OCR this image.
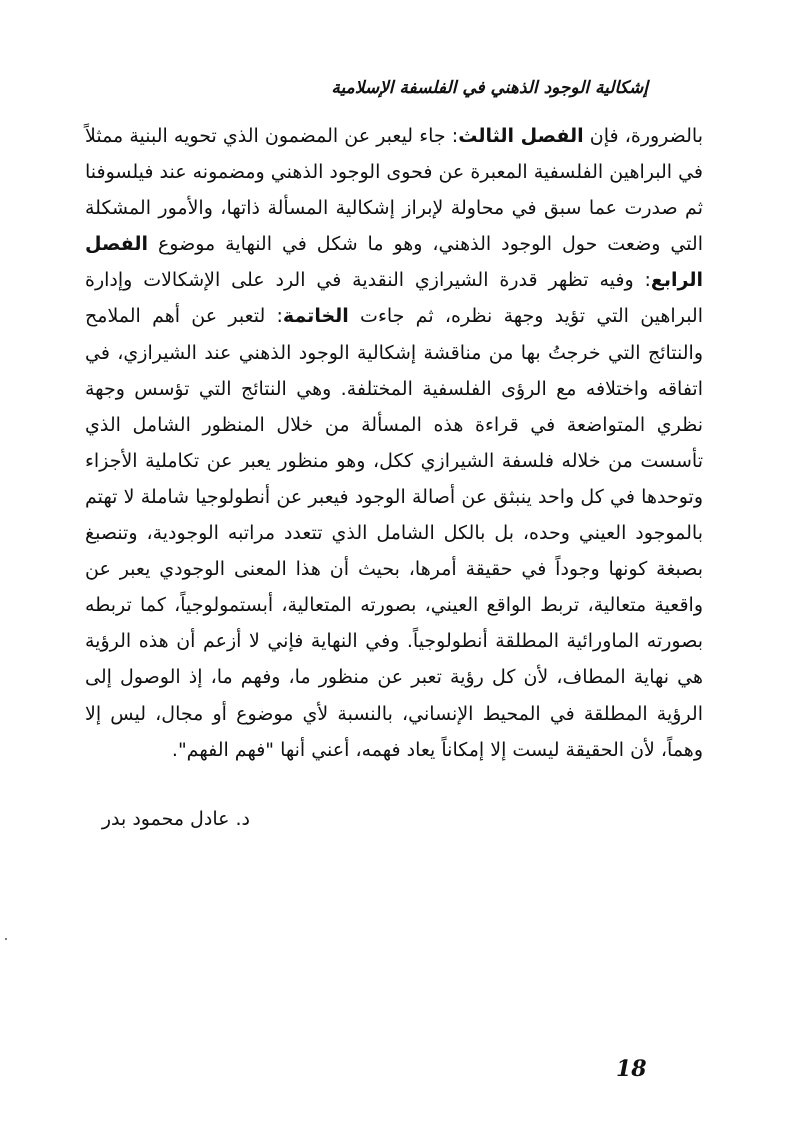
إشكالية الوجود الذهني في الفلسفة الإسلامية

بالضرورة، فإن الفصل الثالث: جاء ليعبر عن المضمون الذي تحويه البنية ممثلاً في البراهين الفلسفية المعبرة عن فحوى الوجود الذهني ومضمونه عند فيلسوفنا ثم صدرت عما سبق في محاولة لإبراز إشكالية المسألة ذاتها، والأمور المشكلة التي وضعت حول الوجود الذهني، وهو ما شكل في النهاية موضوع الفصل الرابع: وفيه تظهر قدرة الشيرازي النقدية في الرد على الإشكالات وإدارة البراهين التي تؤيد وجهة نظره، ثم جاءت الخاتمة: لتعبر عن أهم الملامح والنتائج التي خرجتُ بها من مناقشة إشكالية الوجود الذهني عند الشيرازي، في اتفاقه واختلافه مع الرؤى الفلسفية المختلفة. وهي النتائج التي تؤسس وجهة نظري المتواضعة في قراءة هذه المسألة من خلال المنظور الشامل الذي تأسست من خلاله فلسفة الشيرازي ككل، وهو منظور يعبر عن تكاملية الأجزاء وتوحدها في كل واحد ينبثق عن أصالة الوجود فيعبر عن أنطولوجيا شاملة لا تهتم بالموجود العيني وحده، بل بالكل الشامل الذي تتعدد مراتبه الوجودية، وتنصبغ بصبغة كونها وجوداً في حقيقة أمرها، بحيث أن هذا المعنى الوجودي يعبر عن واقعية متعالية، تربط الواقع العيني، بصورته المتعالية، أبستمولوجياً، كما تربطه بصورته الماورائية المطلقة أنطولوجياً. وفي النهاية فإني لا أزعم أن هذه الرؤية هي نهاية المطاف، لأن كل رؤية تعبر عن منظور ما، وفهم ما، إذ الوصول إلى الرؤية المطلقة في المحيط الإنساني، بالنسبة لأي موضوع أو مجال، ليس إلا وهماً، لأن الحقيقة ليست إلا إمكاناً يعاد فهمه، أعني أنها "فهم الفهم".

د. عادل محمود بدر
18
